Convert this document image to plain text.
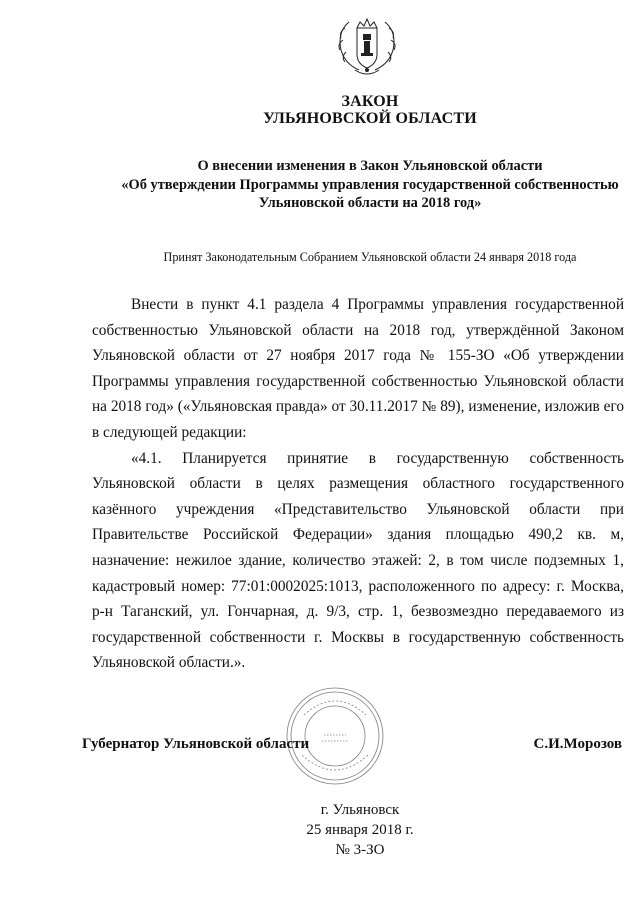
ЗАКОН
УЛЬЯНОВСКОЙ ОБЛАСТИ
О внесении изменения в Закон Ульяновской области
«Об утверждении Программы управления государственной собственностью
Ульяновской области на 2018 год»
Принят Законодательным Собранием Ульяновской области 24 января 2018 года

Внести в пункт 4.1 раздела 4 Программы управления государственной собственностью Ульяновской области на 2018 год, утверждённой Законом Ульяновской области от 27 ноября 2017 года № 155-ЗО «Об утверждении Программы управления государственной собственностью Ульяновской области на 2018 год» («Ульяновская правда» от 30.11.2017 № 89), изменение, изложив его в следующей редакции:

«4.1. Планируется принятие в государственную собственность Ульяновской области в целях размещения областного государственного казённого учреждения «Представительство Ульяновской области при Правительстве Российской Федерации» здания площадью 490,2 кв. м, назначение: нежилое здание, количество этажей: 2, в том числе подземных 1, кадастровый номер: 77:01:0002025:1013, расположенного по адресу: г. Москва, р-н Таганский, ул. Гончарная, д. 9/3, стр. 1, безвозмездно передаваемого из государственной собственности г. Москвы в государственную собственность Ульяновской области.».

Губернатор Ульяновской области	С.И.Морозов
г. Ульяновск
25 января 2018 г.
№ 3-ЗО
